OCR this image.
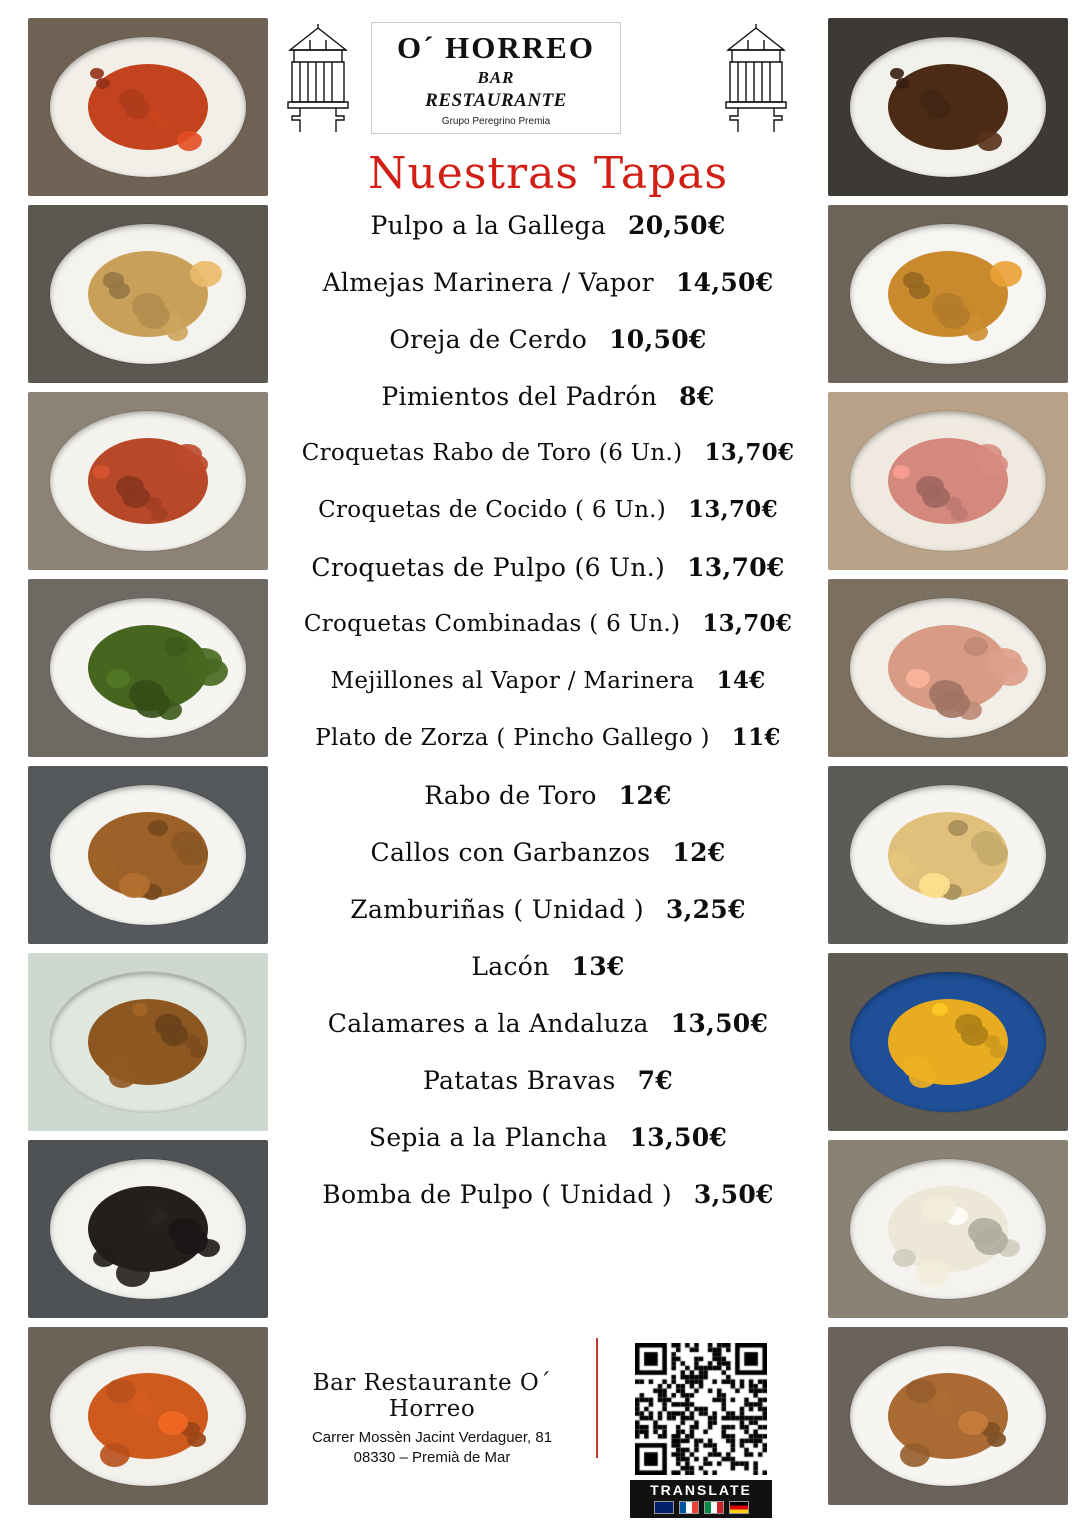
O´ HORREO
BAR
RESTAURANTE
Grupo Peregrino Premia
Nuestras Tapas
Pulpo a la Gallega 20,50€
Almejas Marinera / Vapor 14,50€
Oreja de Cerdo 10,50€
Pimientos del Padrón 8€
Croquetas Rabo de Toro (6 Un.) 13,70€
Croquetas de Cocido ( 6 Un.) 13,70€
Croquetas de Pulpo (6 Un.) 13,70€
Croquetas Combinadas ( 6 Un.) 13,70€
Mejillones al Vapor / Marinera 14€
Plato de Zorza ( Pincho Gallego ) 11€
Rabo de Toro 12€
Callos con Garbanzos 12€
Zamburiñas ( Unidad ) 3,25€
Lacón 13€
Calamares a la Andaluza 13,50€
Patatas Bravas 7€
Sepia a la Plancha 13,50€
Bomba de Pulpo ( Unidad ) 3,50€
Bar Restaurante O´ Horreo
Carrer Mossèn Jacint Verdaguer, 81
08330 – Premià de Mar
TRANSLATE
